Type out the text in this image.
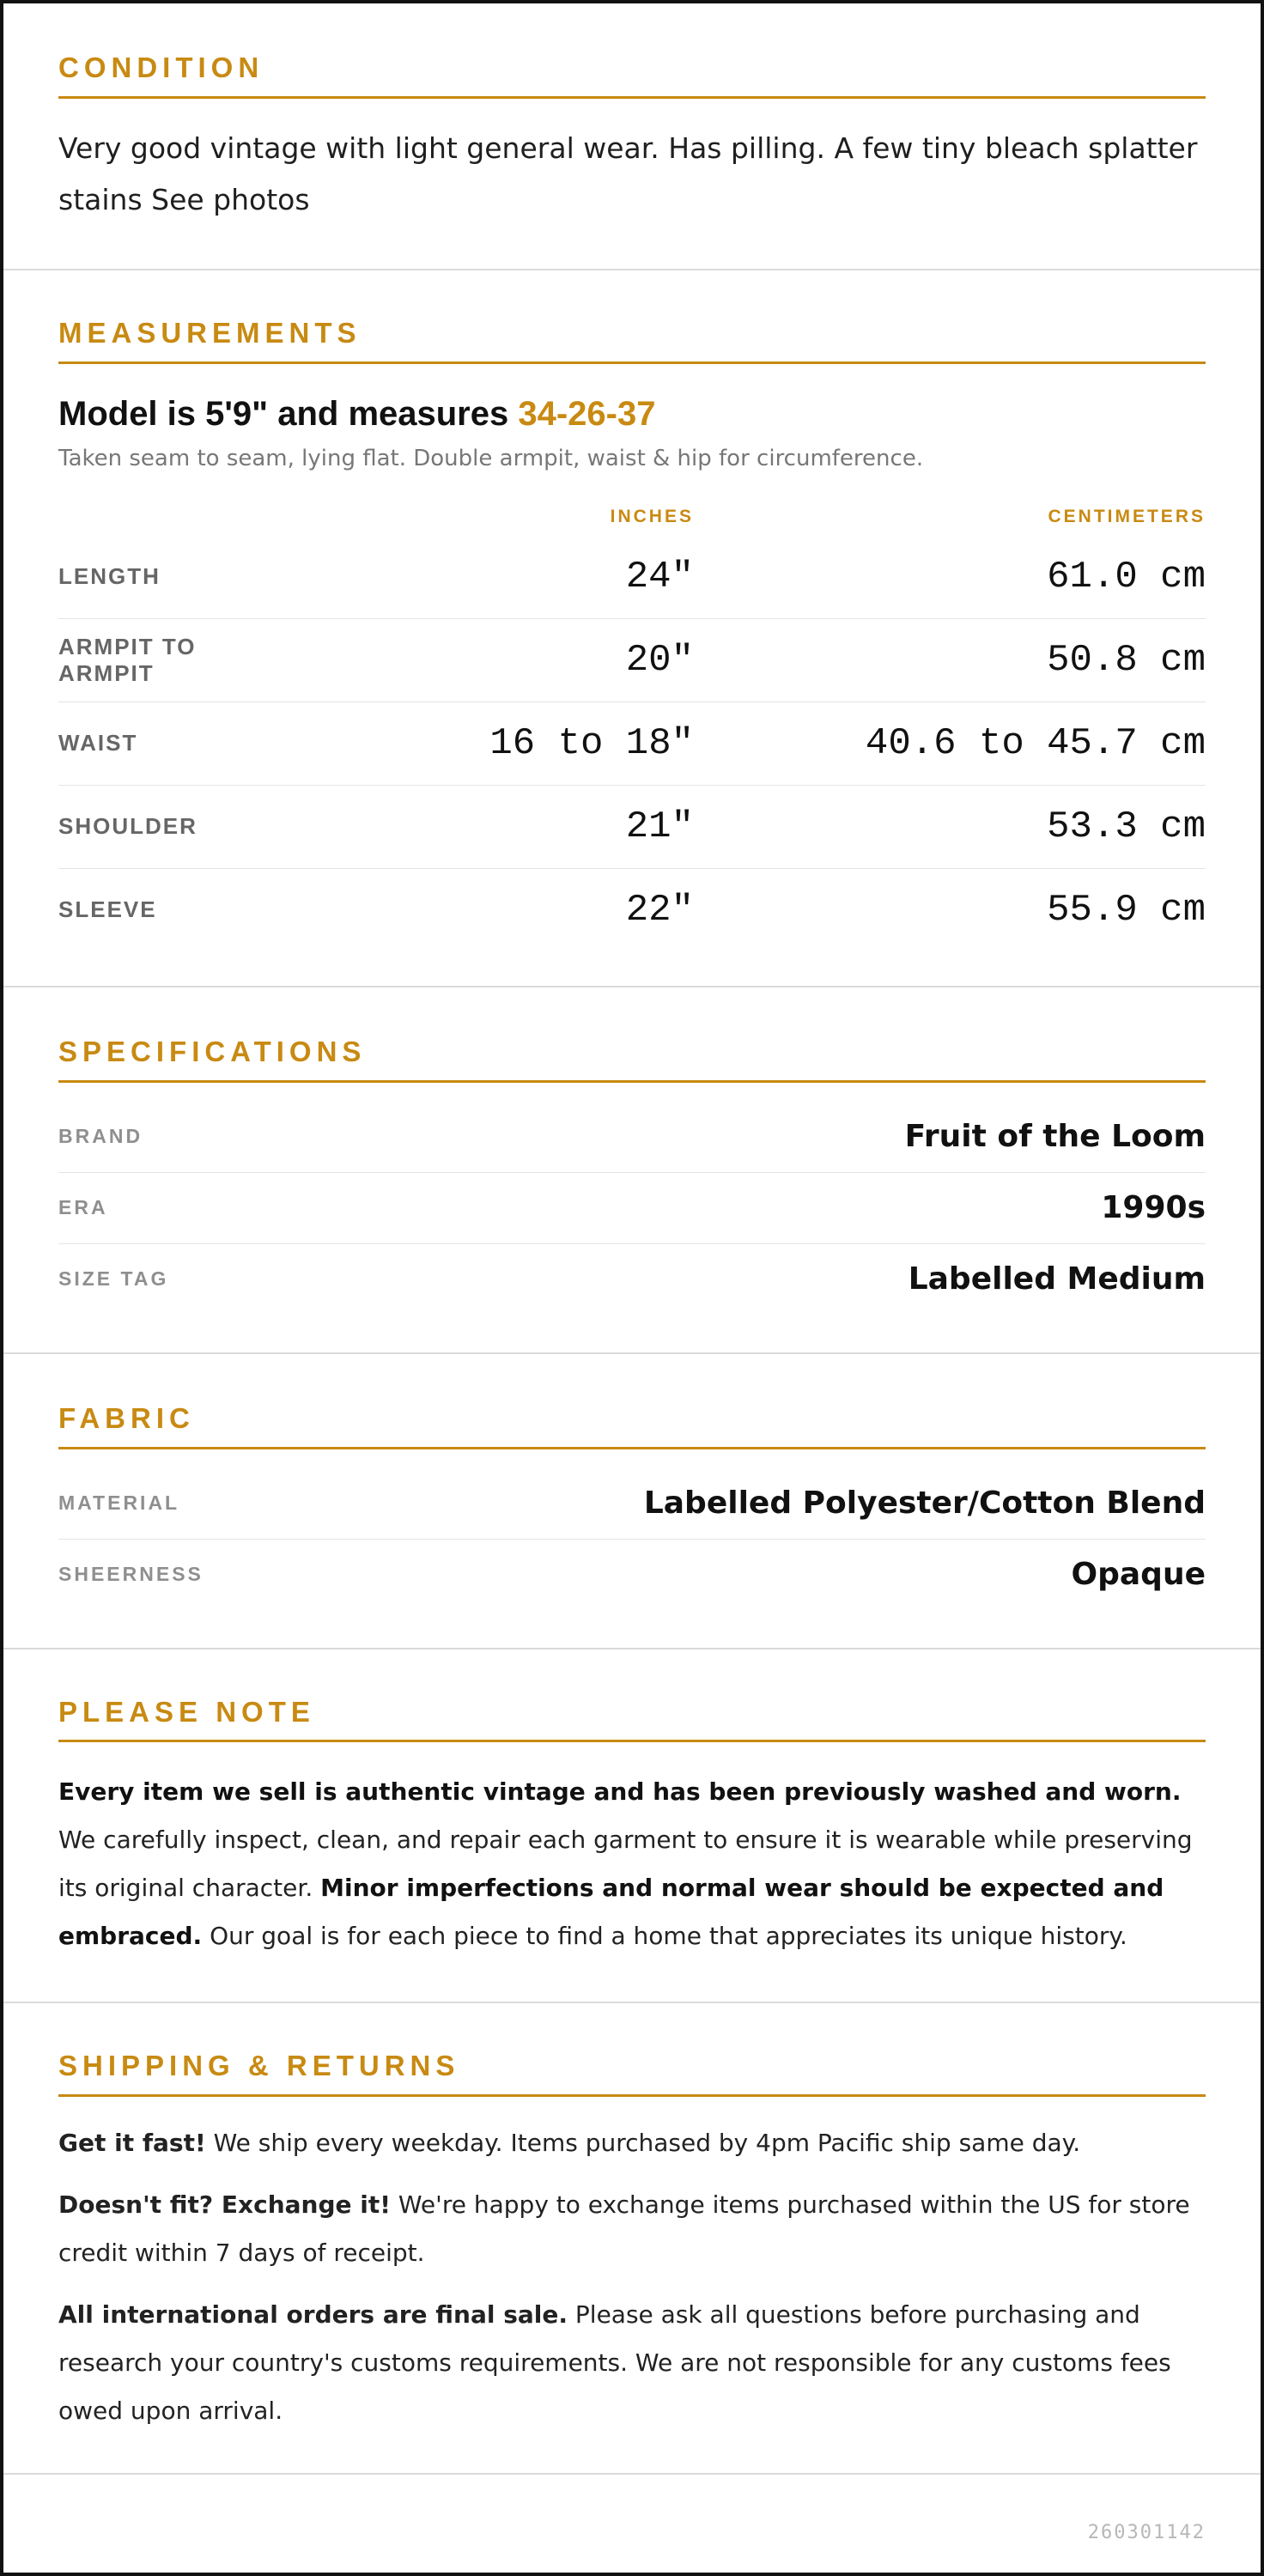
CONDITION

Very good vintage with light general wear. Has pilling. A few tiny bleach splatter stains See photos

MEASUREMENTS
Model is 5'9" and measures 34-26-37
Taken seam to seam, lying flat. Double armpit, waist & hip for circumference.
INCHES	CENTIMETERS
LENGTH	24"	61.0 cm
ARMPIT TO ARMPIT	20"	50.8 cm
WAIST	16 to 18"	40.6 to 45.7 cm
SHOULDER	21"	53.3 cm
SLEEVE	22"	55.9 cm
SPECIFICATIONS
BRAND	Fruit of the Loom
ERA	1990s
SIZE TAG	Labelled Medium
FABRIC
MATERIAL	Labelled Polyester/Cotton Blend
SHEERNESS	Opaque
PLEASE NOTE

Every item we sell is authentic vintage and has been previously washed and worn. We carefully inspect, clean, and repair each garment to ensure it is wearable while preserving its original character. Minor imperfections and normal wear should be expected and embraced. Our goal is for each piece to find a home that appreciates its unique history.

SHIPPING & RETURNS

Get it fast! We ship every weekday. Items purchased by 4pm Pacific ship same day.

Doesn't fit? Exchange it! We're happy to exchange items purchased within the US for store credit within 7 days of receipt.

All international orders are final sale. Please ask all questions before purchasing and research your country's customs requirements. We are not responsible for any customs fees owed upon arrival.

260301142
